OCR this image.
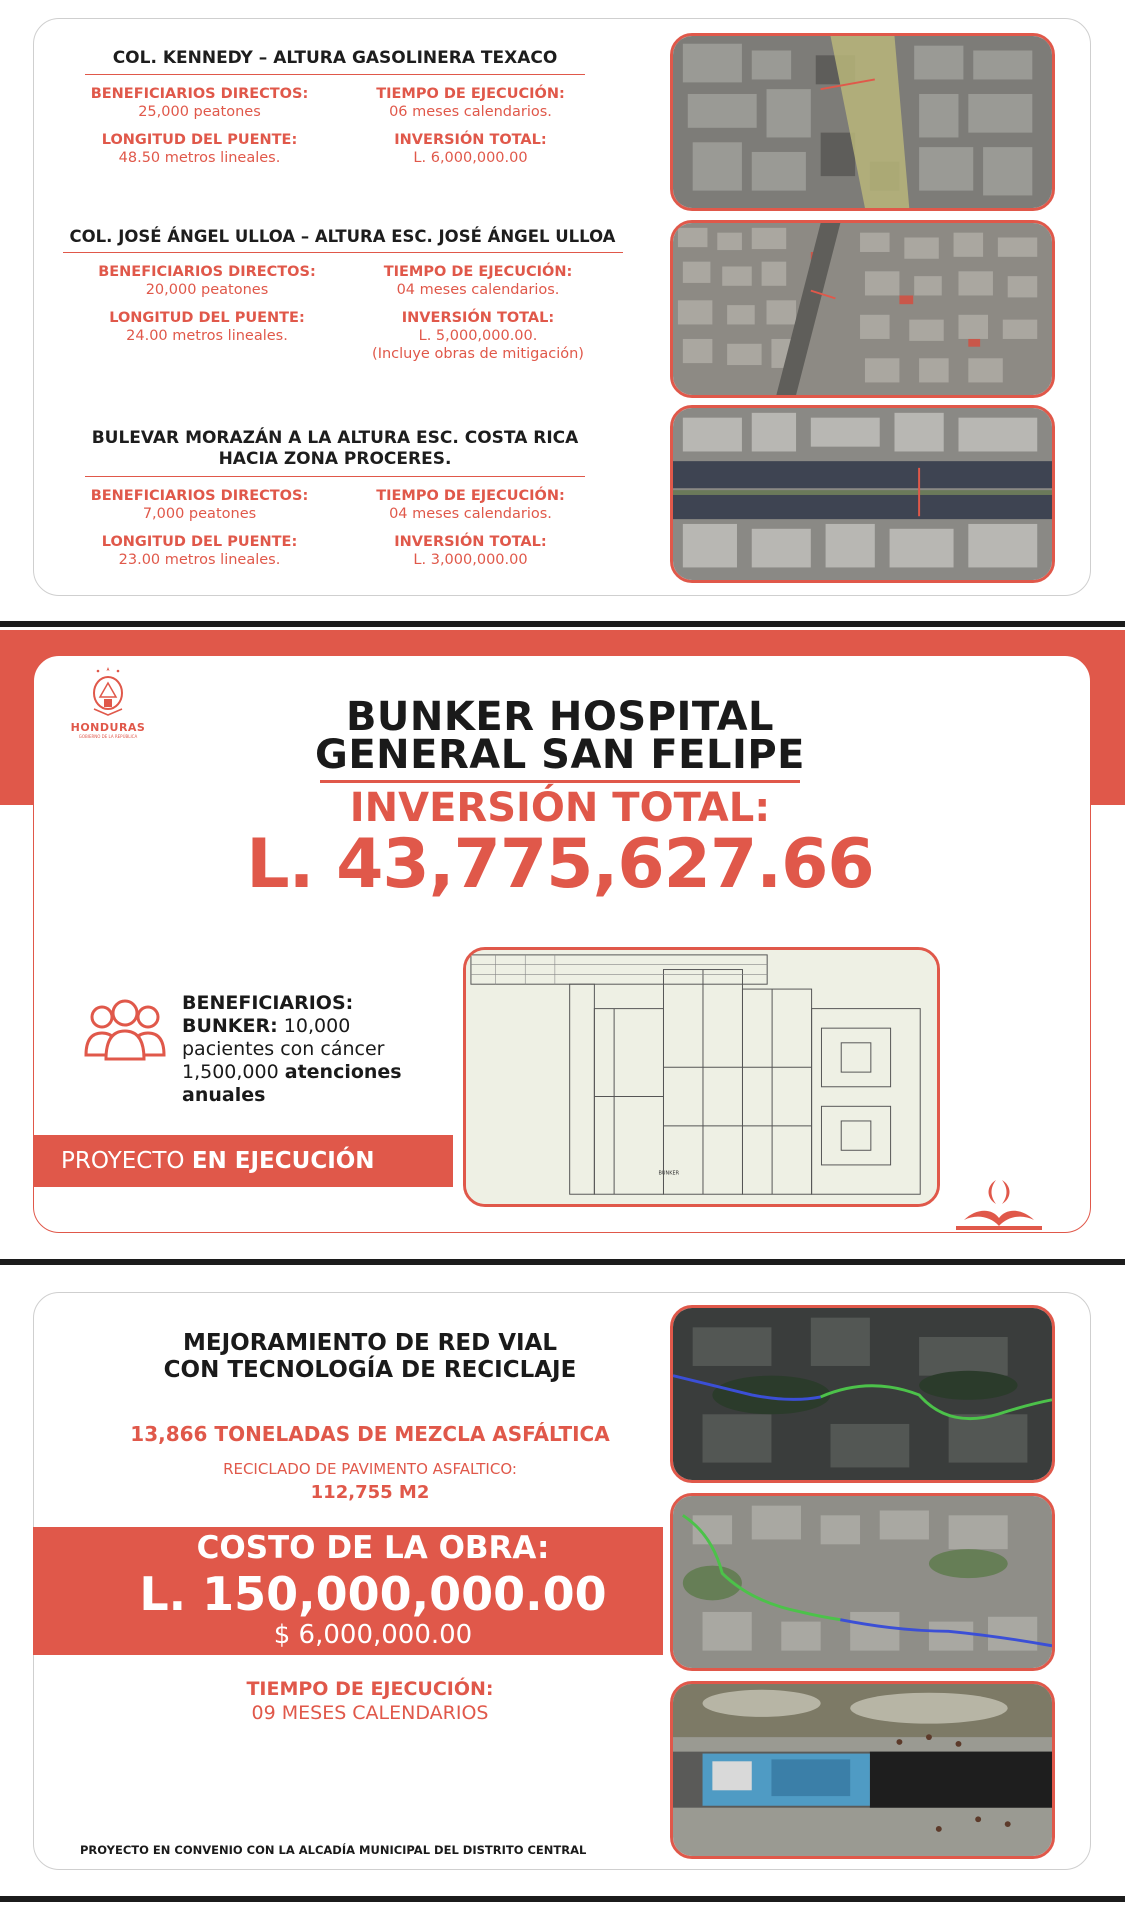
COL. KENNEDY – ALTURA GASOLINERA TEXACO
BENEFICIARIOS DIRECTOS:
25,000 peatones
LONGITUD DEL PUENTE:
48.50 metros lineales.
TIEMPO DE EJECUCIÓN:
06 meses calendarios.
INVERSIÓN TOTAL:
L. 6,000,000.00
COL. JOSÉ ÁNGEL ULLOA – ALTURA ESC. JOSÉ ÁNGEL ULLOA
BENEFICIARIOS DIRECTOS:
20,000 peatones
LONGITUD DEL PUENTE:
24.00 metros lineales.
TIEMPO DE EJECUCIÓN:
04 meses calendarios.
INVERSIÓN TOTAL:
L. 5,000,000.00.
(Incluye obras de mitigación)
BULEVAR MORAZÁN A LA ALTURA ESC. COSTA RICA
HACIA ZONA PROCERES.
BENEFICIARIOS DIRECTOS:
7,000 peatones
LONGITUD DEL PUENTE:
23.00 metros lineales.
TIEMPO DE EJECUCIÓN:
04 meses calendarios.
INVERSIÓN TOTAL:
L. 3,000,000.00
HONDURAS
GOBIERNO DE LA REPÚBLICA	BUNKER HOSPITAL
GENERAL SAN FELIPE
INVERSIÓN TOTAL:
L. 43,775,627.66
BENEFICIARIOS:
BUNKER: 10,000
pacientes con cáncer
1,500,000 atenciones anuales
PROYECTO EN EJECUCIÓN	BUNKER
MEJORAMIENTO DE RED VIAL
CON TECNOLOGÍA DE RECICLAJE
13,866 TONELADAS DE MEZCLA ASFÁLTICA
RECICLADO DE PAVIMENTO ASFALTICO:
112,755 M2
COSTO DE LA OBRA:
L. 150,000,000.00
$ 6,000,000.00
TIEMPO DE EJECUCIÓN:
09 MESES CALENDARIOS
PROYECTO EN CONVENIO CON LA ALCADÍA MUNICIPAL DEL DISTRITO CENTRAL
